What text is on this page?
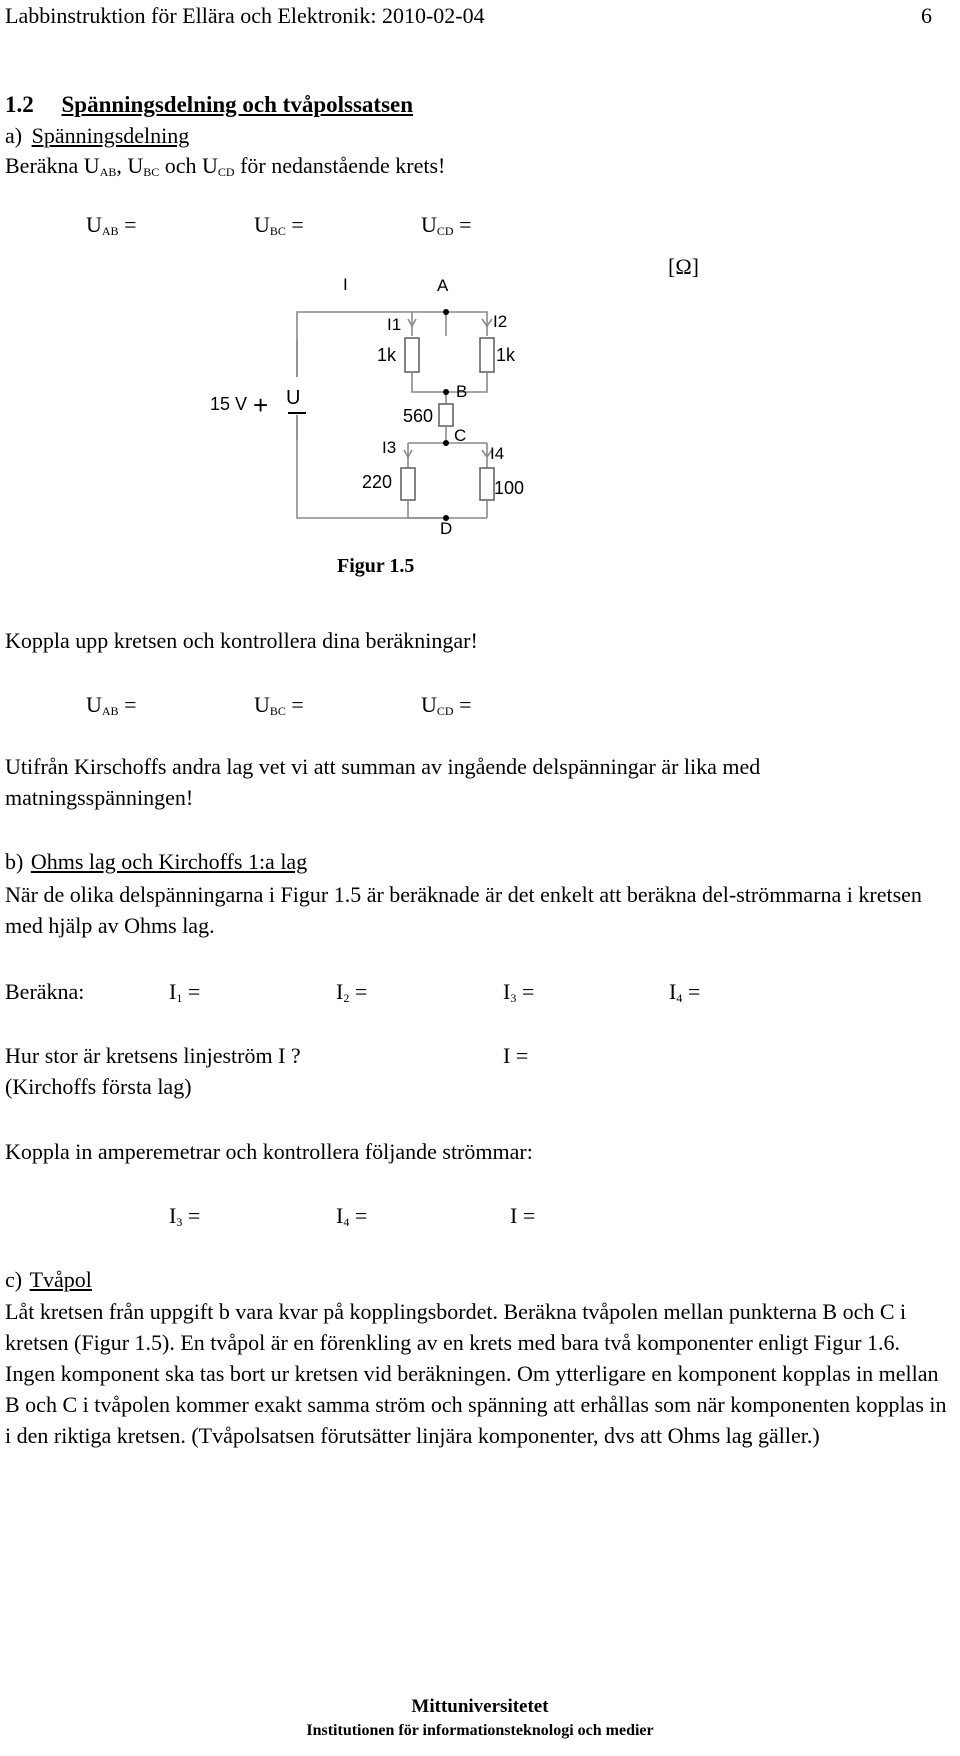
Labbinstruktion för Ellära och Elektronik: 2010-02-04	6
1.2 Spänningsdelning och tvåpolssatsen
a) Spänningsdelning
Beräkna $U_{AB}$, $U_{BC}$ och $U_{CD}$ för nedanstående krets!
$U_{AB}$ =	$U_{BC}$ =	$U_{CD}$ =
[Ω]
I	A
I1	I2
1k	1k
+
15 V U	B
560
C
I3	I4
220	100
D
Figur 1.5
Koppla upp kretsen och kontrollera dina beräkningar!
$U_{AB}$ =	$U_{BC}$ =	$U_{CD}$ =
Utifrån Kirschoffs andra lag vet vi att summan av ingående delspänningar är lika med matningsspänningen!
b) Ohms lag och Kirchoffs 1:a lag
När de olika delspänningarna i Figur 1.5 är beräknade är det enkelt att beräkna del-strömmarna i kretsen med hjälp av Ohms lag.
Beräkna:	$I_1$ =	$I_2$ =	$I_3$ =	$I_4$ =
Hur stor är kretsens linjeström I ?	I =
(Kirchoffs första lag)
Koppla in amperemetrar och kontrollera följande strömmar:
$I_3$ =	$I_4$ =	I =
c) Tvåpol
Låt kretsen från uppgift b vara kvar på kopplingsbordet. Beräkna tvåpolen mellan punkterna B och C i kretsen (Figur 1.5). En tvåpol är en förenkling av en krets med bara två komponenter enligt Figur 1.6. Ingen komponent ska tas bort ur kretsen vid beräkningen. Om ytterligare en komponent kopplas in mellan B och C i tvåpolen kommer exakt samma ström och spänning att erhållas som när komponenten kopplas in i den riktiga kretsen. (Tvåpolsatsen förutsätter linjära komponenter, dvs att Ohms lag gäller.)
Mittuniversitetet
Institutionen för informationsteknologi och medier
